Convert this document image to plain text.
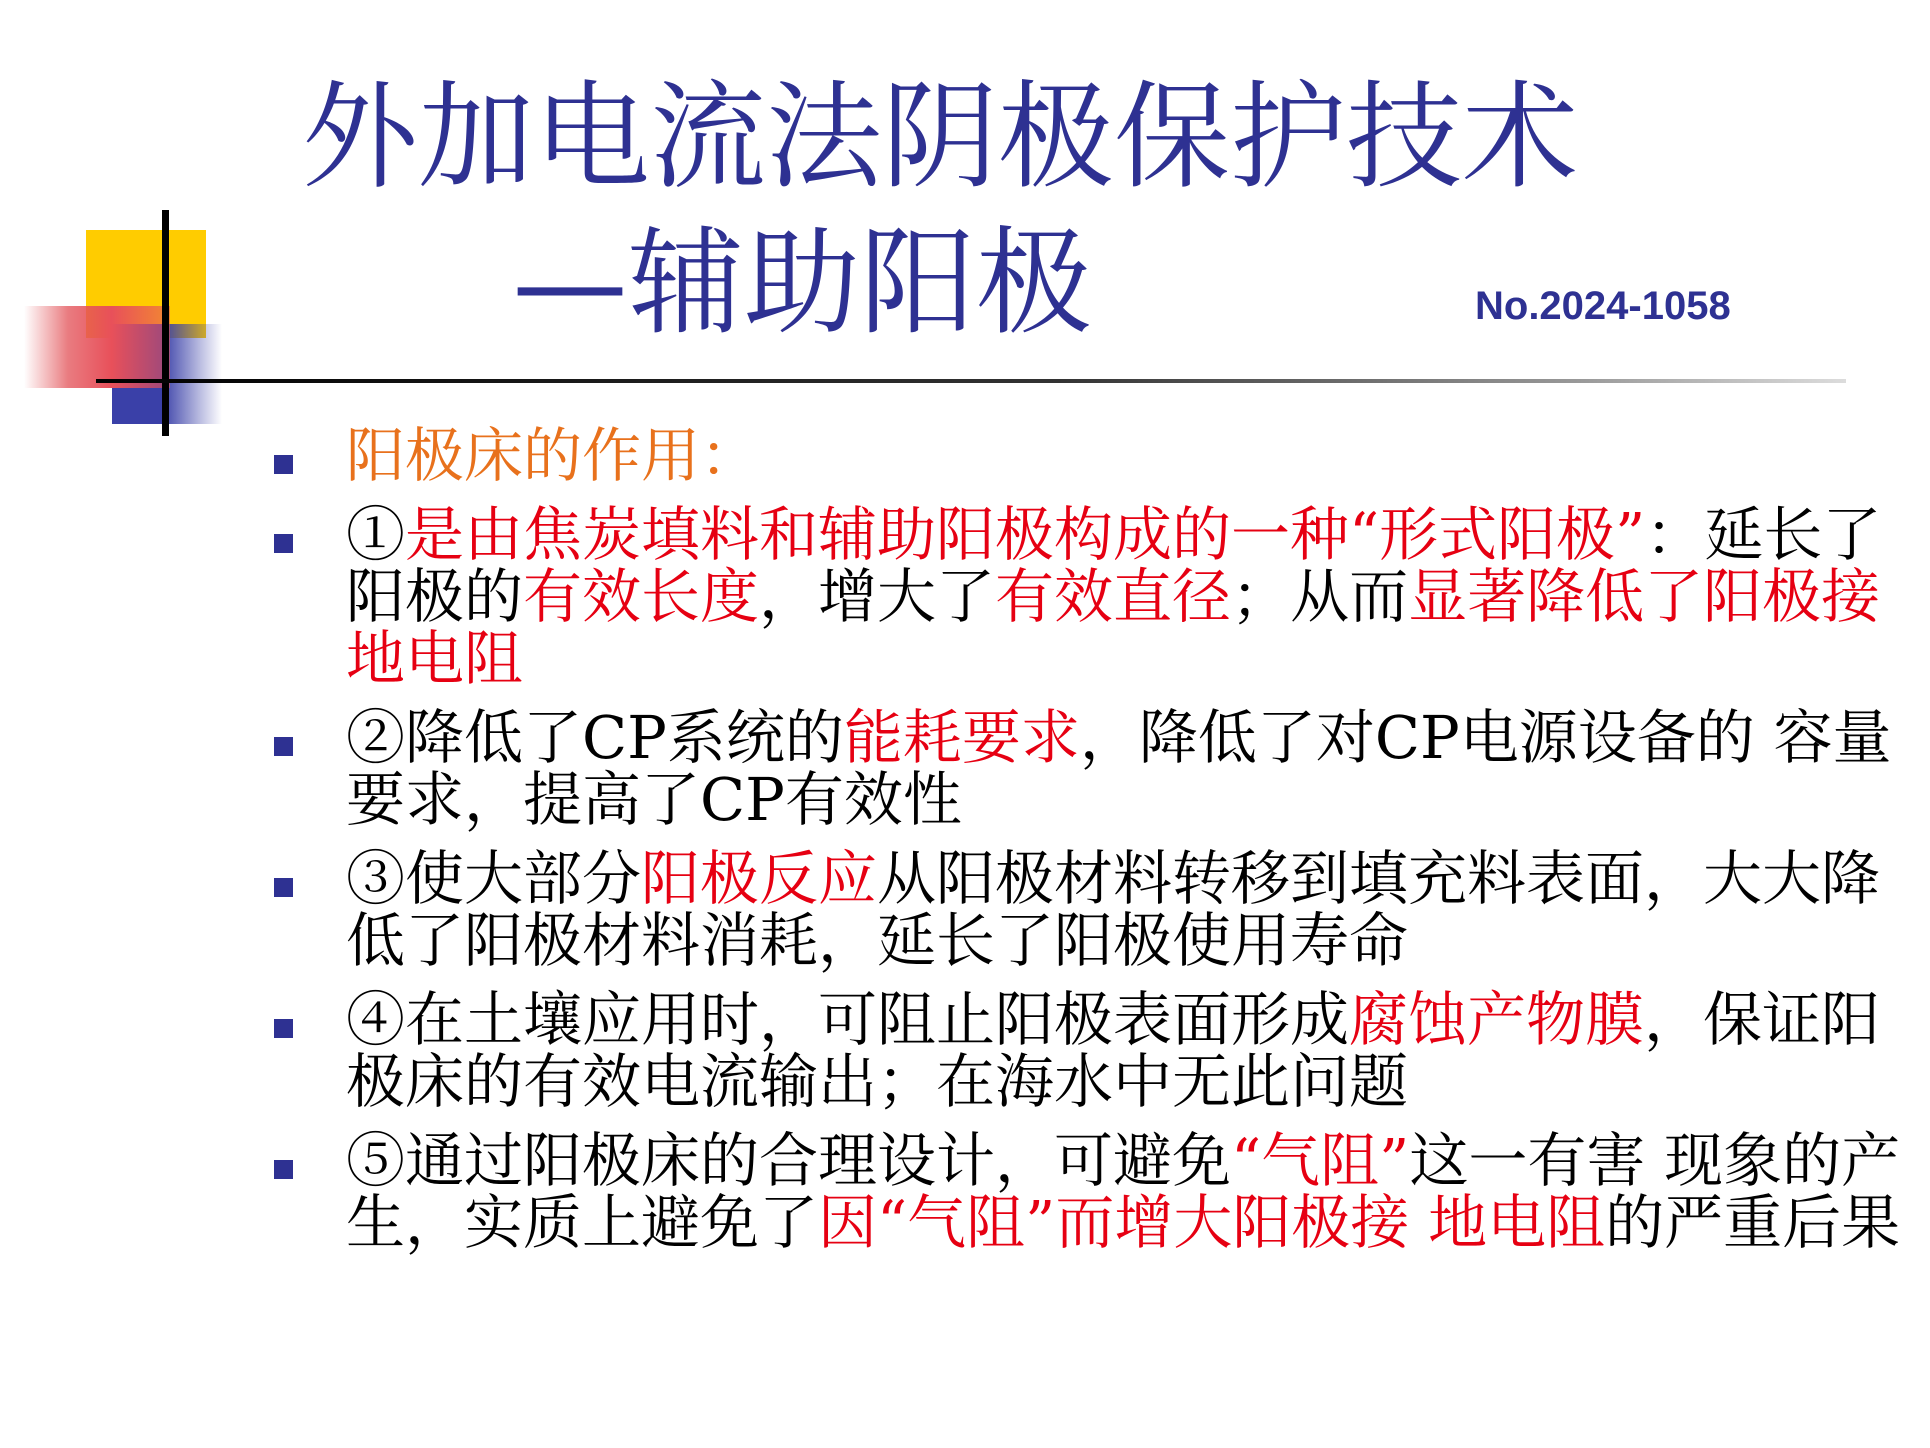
外加电流法阴极保护技术
—辅助阳极	No.2024-1058
阳极床的作用：
①是由焦炭填料和辅助阳极构成的一种“形式阳极”：延长了阳极的有效长度，增大了有效直径；从而显著降低了阳极接地电阻
②降低了CP系统的能耗要求，降低了对CP电源设备的 容量要求，提高了CP有效性
③使大部分阳极反应从阳极材料转移到填充料表面，大大降低了阳极材料消耗，延长了阳极使用寿命
④在土壤应用时，可阻止阳极表面形成腐蚀产物膜，保证阳极床的有效电流输出；在海水中无此问题
⑤通过阳极床的合理设计，可避免“气阻”这一有害 现象的产生，实质上避免了因“气阻”而增大阳极接 地电阻的严重后果
